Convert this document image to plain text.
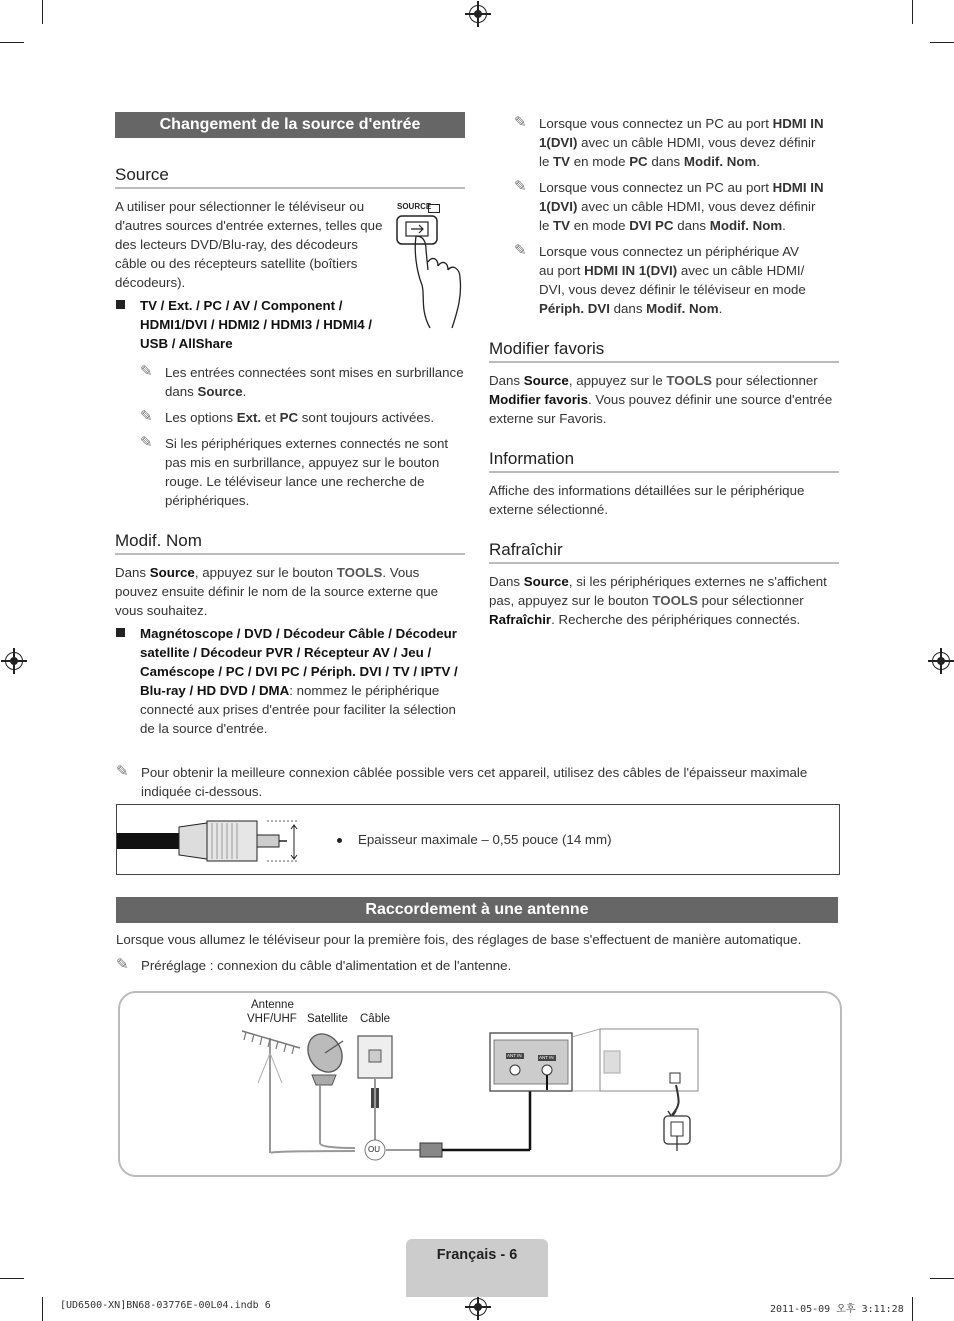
Changement de la source d'entrée
Source
A utiliser pour sélectionner le téléviseur ou d'autres sources d'entrée externes, telles que des lecteurs DVD/Blu-ray, des décodeurs câble ou des récepteurs satellite (boîtiers décodeurs).
SOURCE
TV / Ext. / PC / AV / Component / HDMI1/DVI / HDMI2 / HDMI3 / HDMI4 / USB / AllShare
✎ Les entrées connectées sont mises en surbrillance dans Source.
✎ Les options Ext. et PC sont toujours activées.
✎ Si les périphériques externes connectés ne sont pas mis en surbrillance, appuyez sur le bouton rouge. Le téléviseur lance une recherche de périphériques.
Modif. Nom
Dans Source, appuyez sur le bouton TOOLS. Vous pouvez ensuite définir le nom de la source externe que vous souhaitez.
Magnétoscope / DVD / Décodeur Câble / Décodeur satellite / Décodeur PVR / Récepteur AV / Jeu / Caméscope / PC / DVI PC / Périph. DVI / TV / IPTV / Blu-ray / HD DVD / DMA: nommez le périphérique connecté aux prises d'entrée pour faciliter la sélection de la source d'entrée.
✎ Lorsque vous connectez un PC au port HDMI IN 1(DVI) avec un câble HDMI, vous devez définir le TV en mode PC dans Modif. Nom.
✎ Lorsque vous connectez un PC au port HDMI IN 1(DVI) avec un câble HDMI, vous devez définir le TV en mode DVI PC dans Modif. Nom.
✎ Lorsque vous connectez un périphérique AV au port HDMI IN 1(DVI) avec un câble HDMI/ DVI, vous devez définir le téléviseur en mode Périph. DVI dans Modif. Nom.
Modifier favoris
Dans Source, appuyez sur le TOOLS pour sélectionner Modifier favoris. Vous pouvez définir une source d'entrée externe sur Favoris.
Information
Affiche des informations détaillées sur le périphérique externe sélectionné.
Rafraîchir
Dans Source, si les périphériques externes ne s'affichent pas, appuyez sur le bouton TOOLS pour sélectionner Rafraîchir. Recherche des périphériques connectés.
✎ Pour obtenir la meilleure connexion câblée possible vers cet appareil, utilisez des câbles de l'épaisseur maximale indiquée ci-dessous.
Epaisseur maximale – 0,55 pouce (14 mm)
Raccordement à une antenne
Lorsque vous allumez le téléviseur pour la première fois, des réglages de base s'effectuent de manière automatique.
✎ Préréglage : connexion du câble d'alimentation et de l'antenne.
Antenne
VHF/UHF Satellite Câble
OU
ANT IN	ANT IN
Français - 6
[UD6500-XN]BN68-03776E-00L04.indb 6	2011-05-09 오후 3:11:28
